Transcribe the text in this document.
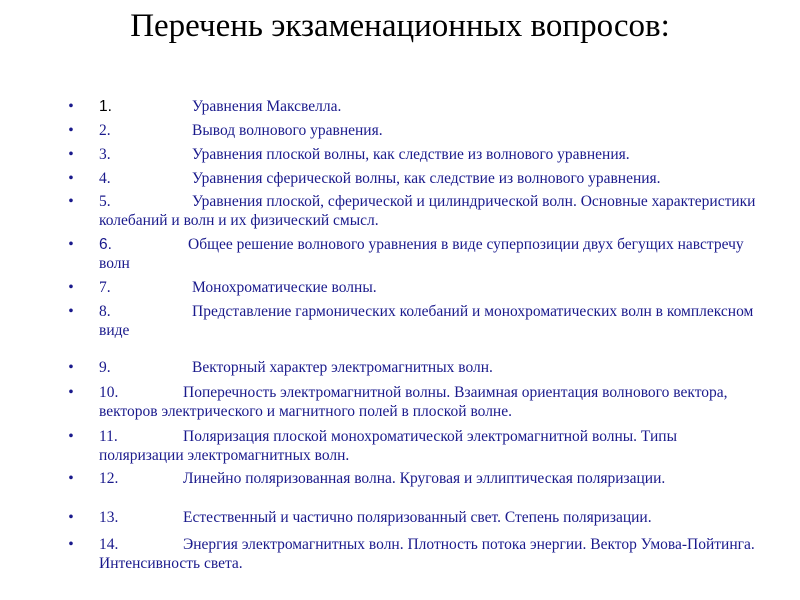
Перечень экзаменационных вопросов:
• 1.	Уравнения Максвелла.
• 2.	Вывод волнового уравнения.
• 3.	Уравнения плоской волны, как следствие из волнового уравнения.
• 4.	Уравнения сферической волны, как следствие из волнового уравнения.
• 5.	Уравнения плоской, сферической и цилиндрической волн. Основные характеристики колебаний и волн и их физический смысл.
• 6.	Общее решение волнового уравнения в виде суперпозиции двух бегущих навстречу волн
• 7.	Монохроматические волны.
• 8.	Представление гармонических колебаний и монохроматических волн в комплексном виде
• 9.	Векторный характер электромагнитных волн.
• 10.	Поперечность электромагнитной волны. Взаимная ориентация волнового вектора, векторов электрического и магнитного полей в плоской волне.
• 11.	Поляризация плоской монохроматической электромагнитной волны. Типы поляризации электромагнитных волн.
• 12.	Линейно поляризованная волна. Круговая и эллиптическая поляризации.
• 13.	Естественный и частично поляризованный свет. Степень поляризации.
• 14.	Энергия электромагнитных волн. Плотность потока энергии. Вектор Умова-Пойтинга. Интенсивность света.
